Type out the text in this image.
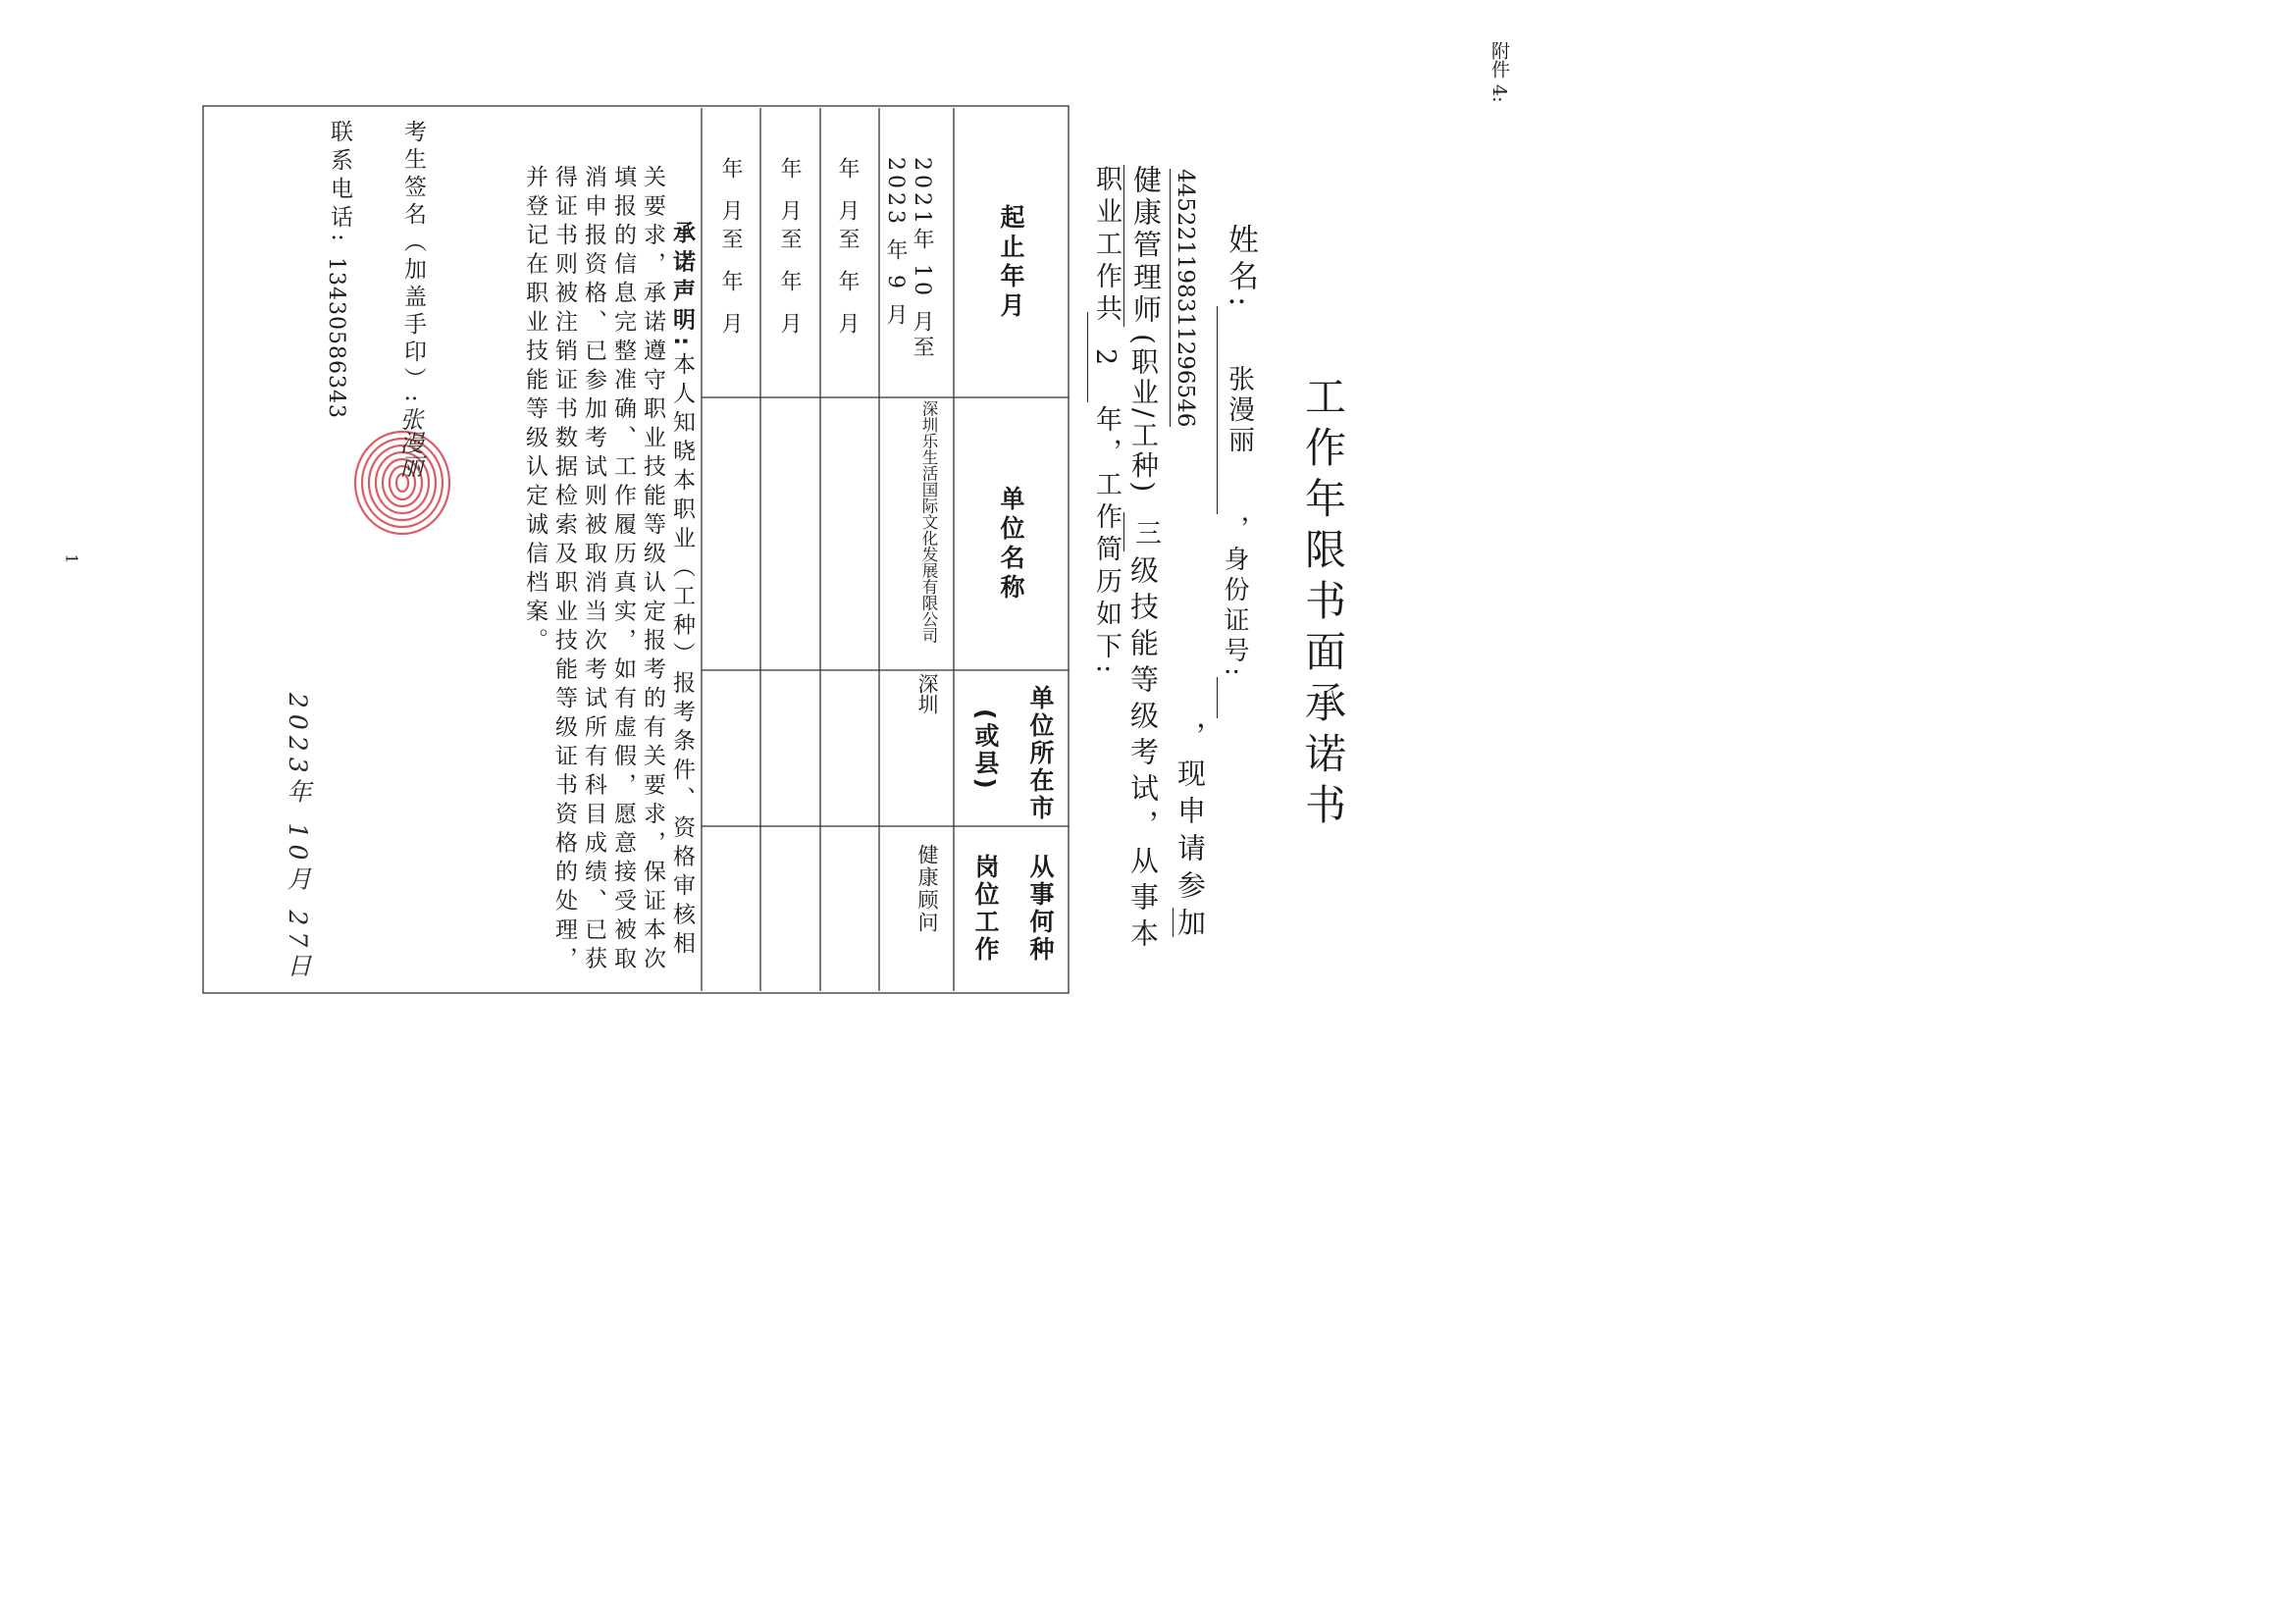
1
附件 4:
工作年限书面承诺书
姓名:
张漫丽
，身份证号:
，现申请参加
445221198311296546
健康管理师
(职业/工种)
三
级技能等级考试，从事本
职业工作共
2
年，工作简历如下:
起止年月
单位名称
单位所在市
(或县)
从事何种
岗位工作
2021年 10 月至
2023 年 9 月
深圳乐生活国际文化发展有限公司
深圳
健康顾问
年 月至 年 月
年 月至 年 月
年 月至 年 月
承诺声明:本人知晓本职业（工种）报考条件、资格审核相关要求，承诺遵守职业技能等级认定报考的有关要求，保证本次填报的信息完整准确、工作履历真实，如有虚假，愿意接受被取消申报资格、已参加考试则被取消当次考试所有科目成绩、已获得证书则被注销证书数据检索及职业技能等级证书资格的处理，并登记在职业技能等级认定诚信档案。
考生签名（加盖手印）:
张漫丽
联系电话:
13430586343
2023年 10月 27日
